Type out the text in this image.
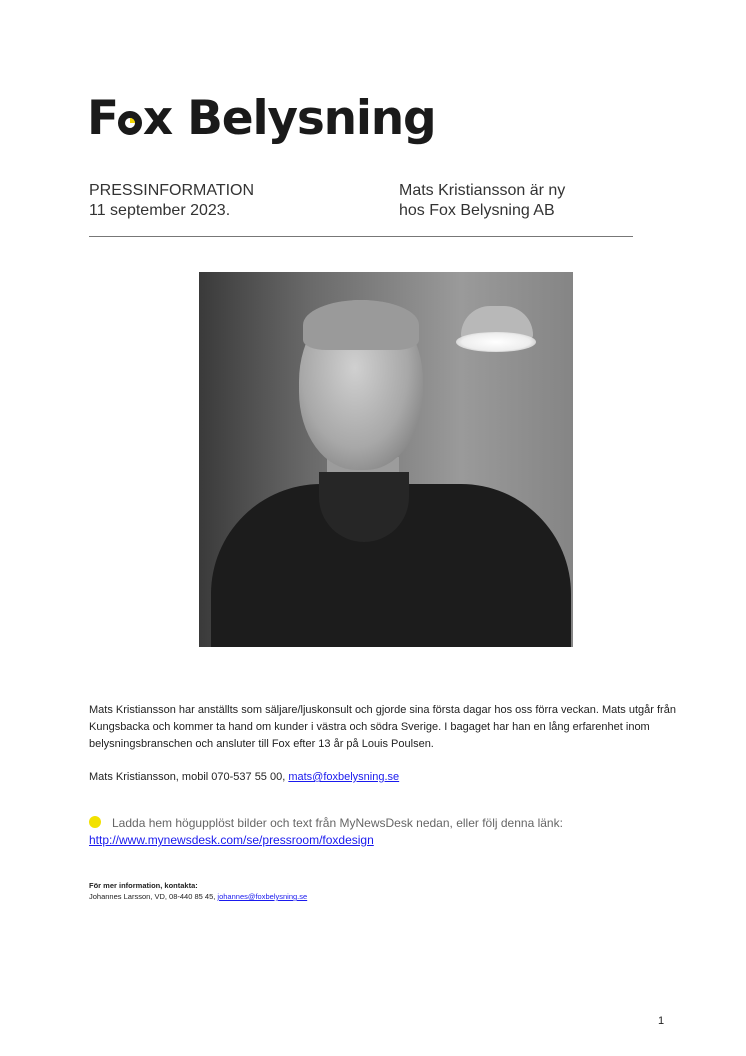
F x Belysning
PRESSINFORMATION
11 september 2023.
Mats Kristiansson är ny
hos Fox Belysning AB

Mats Kristiansson har anställts som säljare/ljuskonsult och gjorde sina första dagar hos oss förra veckan. Mats utgår från Kungsbacka och kommer ta hand om kunder i västra och södra Sverige. I bagaget har han en lång erfarenhet inom belysningsbranschen och ansluter till Fox efter 13 år på Louis Poulsen.

Mats Kristiansson, mobil 070-537 55 00, mats@foxbelysning.se

Ladda hem högupplöst bilder och text från MyNewsDesk nedan, eller följ denna länk:
http://www.mynewsdesk.com/se/pressroom/foxdesign
För mer information, kontakta:
Johannes Larsson, VD, 08-440 85 45, johannes@foxbelysning.se
1
